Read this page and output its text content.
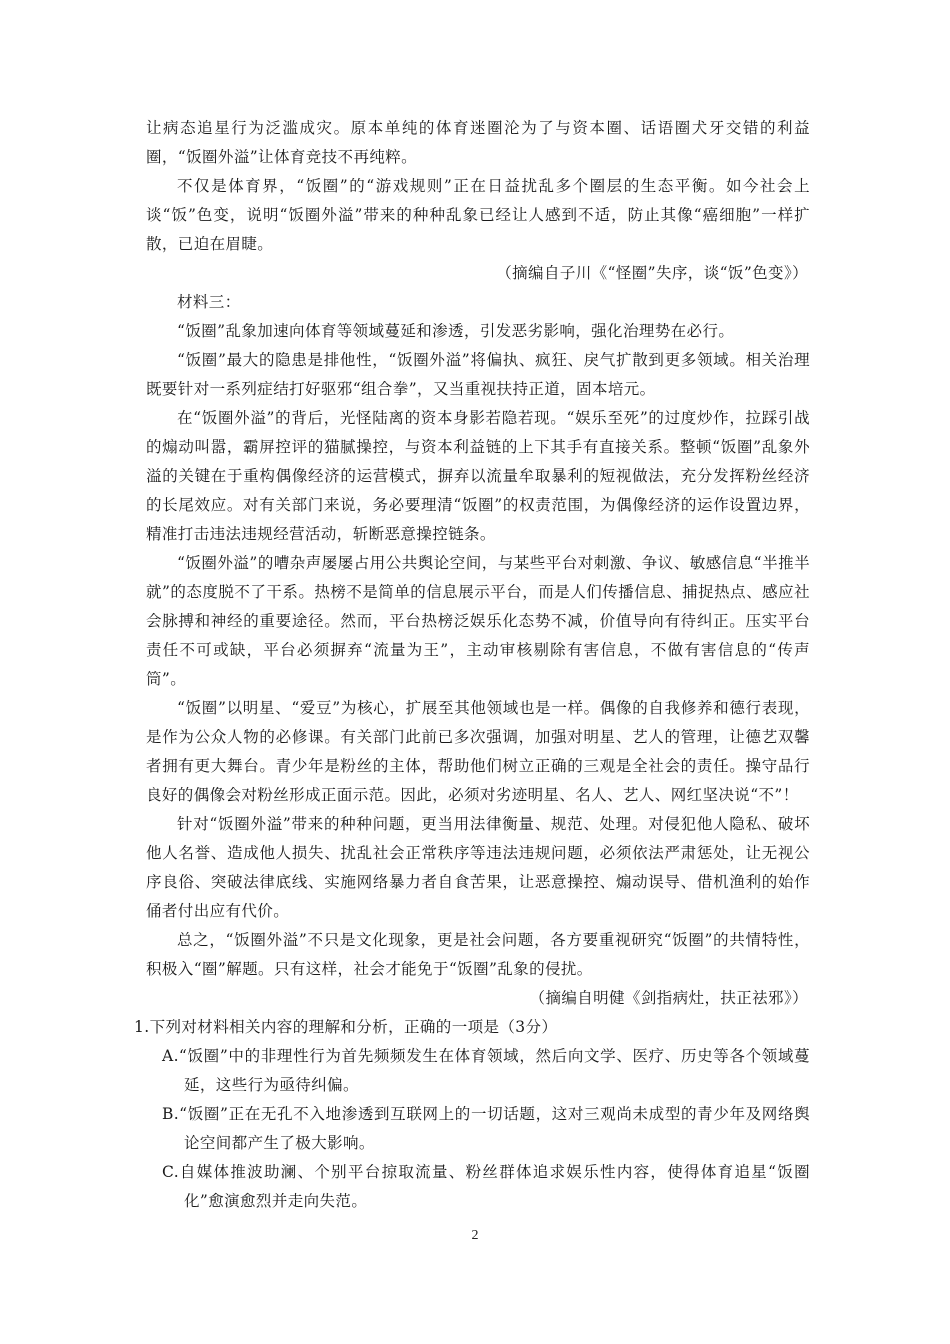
让病态追星行为泛滥成灾。原本单纯的体育迷圈沦为了与资本圈、话语圈犬牙交错的利益圈，“饭圈外溢”让体育竞技不再纯粹。

不仅是体育界，“饭圈”的“游戏规则”正在日益扰乱多个圈层的生态平衡。如今社会上谈“饭”色变，说明“饭圈外溢”带来的种种乱象已经让人感到不适，防止其像“癌细胞”一样扩散，已迫在眉睫。

（摘编自子川《“怪圈”失序，谈“饭”色变》）

材料三：

“饭圈”乱象加速向体育等领域蔓延和渗透，引发恶劣影响，强化治理势在必行。

“饭圈”最大的隐患是排他性，“饭圈外溢”将偏执、疯狂、戾气扩散到更多领域。相关治理既要针对一系列症结打好驱邪“组合拳”，又当重视扶持正道，固本培元。

在“饭圈外溢”的背后，光怪陆离的资本身影若隐若现。“娱乐至死”的过度炒作，拉踩引战的煽动叫嚣，霸屏控评的猫腻操控，与资本利益链的上下其手有直接关系。整顿“饭圈”乱象外溢的关键在于重构偶像经济的运营模式，摒弃以流量牟取暴利的短视做法，充分发挥粉丝经济的长尾效应。对有关部门来说，务必要理清“饭圈”的权责范围，为偶像经济的运作设置边界，精准打击违法违规经营活动，斩断恶意操控链条。

“饭圈外溢”的嘈杂声屡屡占用公共舆论空间，与某些平台对刺激、争议、敏感信息“半推半就”的态度脱不了干系。热榜不是简单的信息展示平台，而是人们传播信息、捕捉热点、感应社会脉搏和神经的重要途径。然而，平台热榜泛娱乐化态势不减，价值导向有待纠正。压实平台责任不可或缺，平台必须摒弃“流量为王”，主动审核剔除有害信息，不做有害信息的“传声筒”。

“饭圈”以明星、“爱豆”为核心，扩展至其他领域也是一样。偶像的自我修养和德行表现，是作为公众人物的必修课。有关部门此前已多次强调，加强对明星、艺人的管理，让德艺双馨者拥有更大舞台。青少年是粉丝的主体，帮助他们树立正确的三观是全社会的责任。操守品行良好的偶像会对粉丝形成正面示范。因此，必须对劣迹明星、名人、艺人、网红坚决说“不”！

针对“饭圈外溢”带来的种种问题，更当用法律衡量、规范、处理。对侵犯他人隐私、破坏他人名誉、造成他人损失、扰乱社会正常秩序等违法违规问题，必须依法严肃惩处，让无视公序良俗、突破法律底线、实施网络暴力者自食苦果，让恶意操控、煽动误导、借机渔利的始作俑者付出应有代价。

总之，“饭圈外溢”不只是文化现象，更是社会问题，各方要重视研究“饭圈”的共情特性，积极入“圈”解题。只有这样，社会才能免于“饭圈”乱象的侵扰。

（摘编自明健《剑指病灶，扶正祛邪》）

1.下列对材料相关内容的理解和分析，正确的一项是（3分）

A.“饭圈”中的非理性行为首先频频发生在体育领域，然后向文学、医疗、历史等各个领域蔓延，这些行为亟待纠偏。

B.“饭圈”正在无孔不入地渗透到互联网上的一切话题，这对三观尚未成型的青少年及网络舆论空间都产生了极大影响。

C.自媒体推波助澜、个别平台掠取流量、粉丝群体追求娱乐性内容，使得体育追星“饭圈化”愈演愈烈并走向失范。

2
